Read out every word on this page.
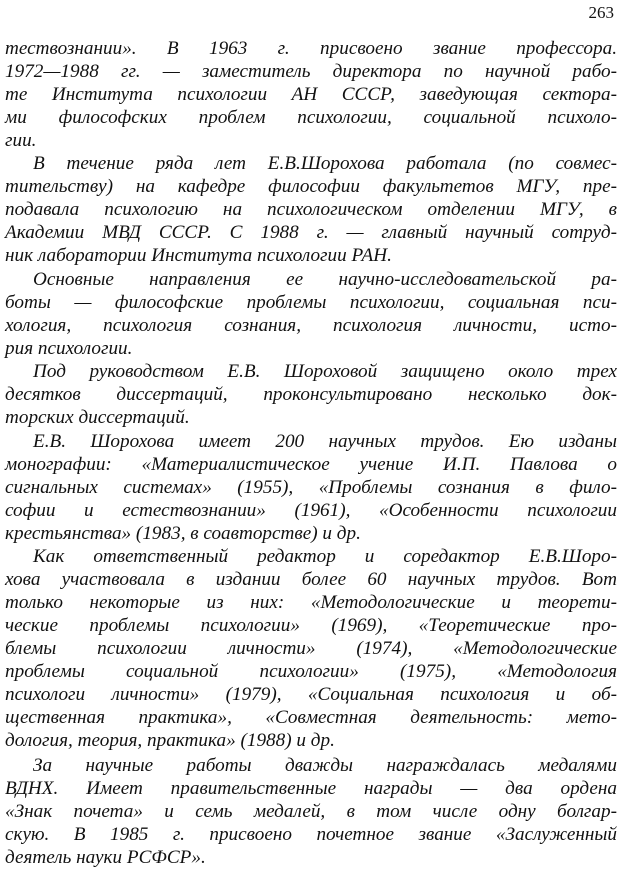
263
тествознании». В 1963 г. присвоено звание профессора.
1972—1988 гг. — заместитель директора по научной рабо-
те Института психологии АН СССР, заведующая сектора-
ми философских проблем психологии, социальной психоло-
гии.
В течение ряда лет Е.В.Шорохова работала (по совмес-
тительству) на кафедре философии факультетов МГУ, пре-
подавала психологию на психологическом отделении МГУ, в
Академии МВД СССР. С 1988 г. — главный научный сотруд-
ник лаборатории Института психологии РАН.
Основные направления ее научно-исследовательской ра-
боты — философские проблемы психологии, социальная пси-
хология, психология сознания, психология личности, исто-
рия психологии.
Под руководством Е.В. Шороховой защищено около трех
десятков диссертаций, проконсультировано несколько док-
торских диссертаций.
Е.В. Шорохова имеет 200 научных трудов. Ею изданы
монографии: «Материалистическое учение И.П. Павлова о
сигнальных системах» (1955), «Проблемы сознания в фило-
софии и естествознании» (1961), «Особенности психологии
крестьянства» (1983, в соавторстве) и др.
Как ответственный редактор и соредактор Е.В.Шоро-
хова участвовала в издании более 60 научных трудов. Вот
только некоторые из них: «Методологические и теорети-
ческие проблемы психологии» (1969), «Теоретические про-
блемы психологии личности» (1974), «Методологические
проблемы социальной психологии» (1975), «Методология
психологи личности» (1979), «Социальная психология и об-
щественная практика», «Совместная деятельность: мето-
дология, теория, практика» (1988) и др.
За научные работы дважды награждалась медалями
ВДНХ. Имеет правительственные награды — два ордена
«Знак почета» и семь медалей, в том числе одну болгар-
скую. В 1985 г. присвоено почетное звание «Заслуженный
деятель науки РСФСР».
